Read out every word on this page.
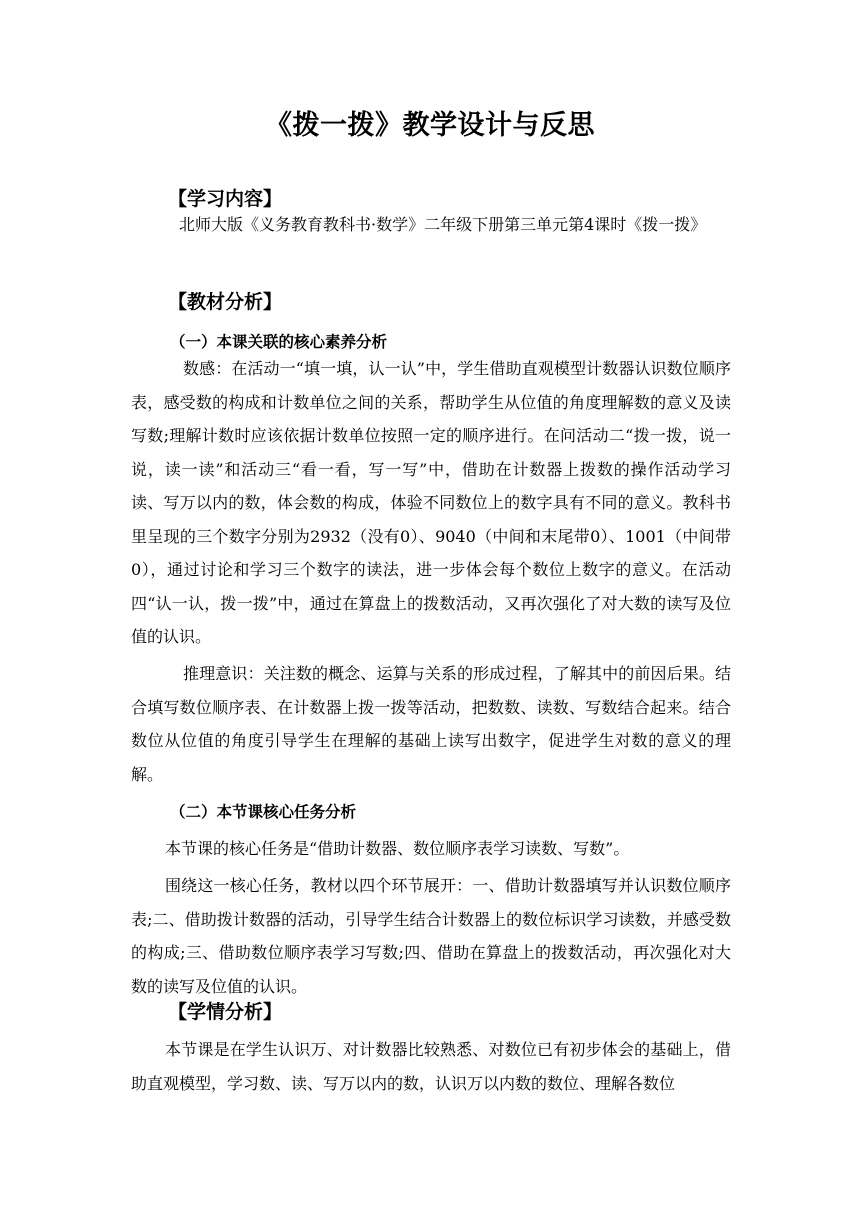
《拨一拨》教学设计与反思
【学习内容】

北师大版《义务教育教科书·数学》二年级下册第三单元第4课时《拨一拨》

【教材分析】
（一）本课关联的核心素养分析

数感：在活动一“填一填，认一认”中，学生借助直观模型计数器认识数位顺序表，感受数的构成和计数单位之间的关系，帮助学生从位值的角度理解数的意义及读写数;理解计数时应该依据计数单位按照一定的顺序进行。在问活动二“拨一拨，说一说，读一读”和活动三“看一看，写一写”中，借助在计数器上拨数的操作活动学习读、写万以内的数，体会数的构成，体验不同数位上的数字具有不同的意义。教科书里呈现的三个数字分别为2932（没有0）、9040（中间和末尾带0）、1001（中间带0），通过讨论和学习三个数字的读法，进一步体会每个数位上数字的意义。在活动四“认一认，拨一拨”中，通过在算盘上的拨数活动，又再次强化了对大数的读写及位值的认识。

推理意识：关注数的概念、运算与关系的形成过程，了解其中的前因后果。结合填写数位顺序表、在计数器上拨一拨等活动，把数数、读数、写数结合起来。结合数位从位值的角度引导学生在理解的基础上读写出数字，促进学生对数的意义的理解。

（二）本节课核心任务分析

本节课的核心任务是“借助计数器、数位顺序表学习读数、写数”。

围绕这一核心任务，教材以四个环节展开：一、借助计数器填写并认识数位顺序表;二、借助拨计数器的活动，引导学生结合计数器上的数位标识学习读数，并感受数的构成;三、借助数位顺序表学习写数;四、借助在算盘上的拨数活动，再次强化对大数的读写及位值的认识。

【学情分析】

本节课是在学生认识万、对计数器比较熟悉、对数位已有初步体会的基础上，借助直观模型，学习数、读、写万以内的数，认识万以内数的数位、理解各数位
